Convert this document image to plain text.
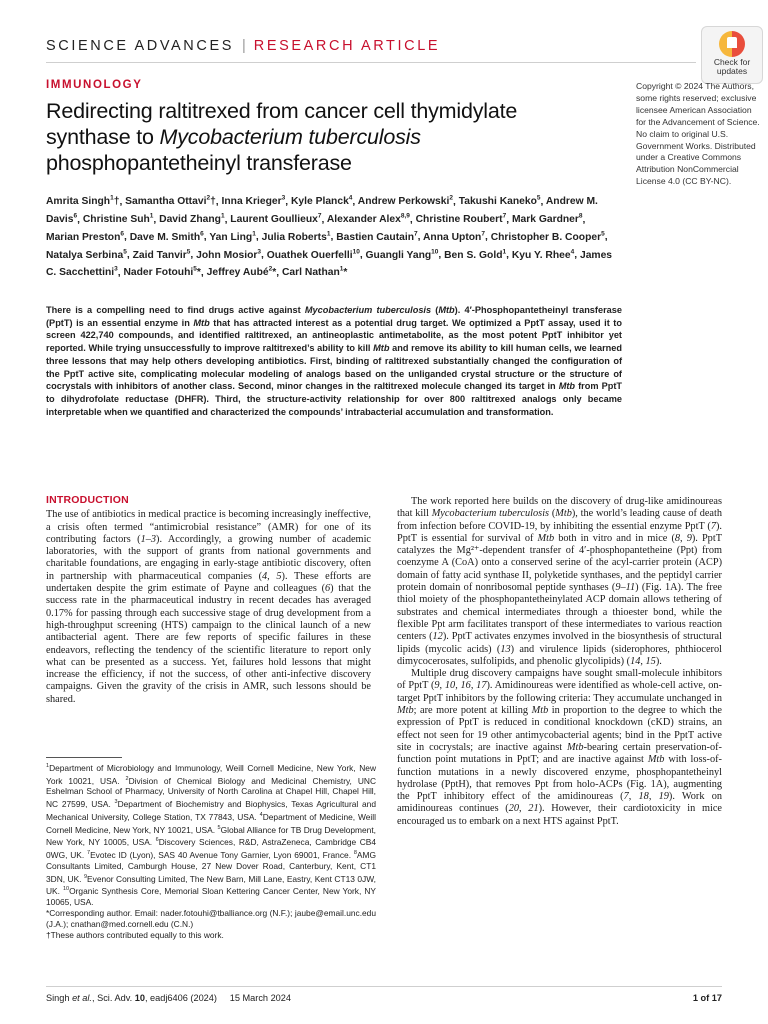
SCIENCE ADVANCES | RESEARCH ARTICLE
Check for
updates
IMMUNOLOGY
Redirecting raltitrexed from cancer cell thymidylate synthase to Mycobacterium tuberculosis phosphopantetheinyl transferase
Copyright © 2024 The Authors, some rights reserved; exclusive licensee American Association for the Advancement of Science. No claim to original U.S. Government Works. Distributed under a Creative Commons Attribution NonCommercial License 4.0 (CC BY-NC).
Amrita Singh$^1$†, Samantha Ottavi$^2$†, Inna Krieger$^3$, Kyle Planck$^4$, Andrew Perkowski$^2$, Takushi Kaneko$^5$, Andrew M. Davis$^6$, Christine Suh$^1$, David Zhang$^1$, Laurent Goullieux$^7$, Alexander Alex$^{8,9}$, Christine Roubert$^7$, Mark Gardner$^8$, Marian Preston$^6$, Dave M. Smith$^6$, Yan Ling$^1$, Julia Roberts$^1$, Bastien Cautain$^7$, Anna Upton$^7$, Christopher B. Cooper$^5$, Natalya Serbina$^5$, Zaid Tanvir$^5$, John Mosior$^3$, Ouathek Ouerfelli$^{10}$, Guangli Yang$^{10}$, Ben S. Gold$^1$, Kyu Y. Rhee$^4$, James C. Sacchettini$^3$, Nader Fotouhi$^5$*, Jeffrey Aubé$^2$*, Carl Nathan$^1$*
There is a compelling need to find drugs active against Mycobacterium tuberculosis (Mtb). 4′-Phosphopantetheinyl transferase (PptT) is an essential enzyme in Mtb that has attracted interest as a potential drug target. We optimized a PptT assay, used it to screen 422,740 compounds, and identified raltitrexed, an antineoplastic antimetabolite, as the most potent PptT inhibitor yet reported. While trying unsuccessfully to improve raltitrexed’s ability to kill Mtb and remove its ability to kill human cells, we learned three lessons that may help others developing antibiotics. First, binding of raltitrexed substantially changed the configuration of the PptT active site, complicating molecular modeling of analogs based on the unliganded crystal structure or the structure of cocrystals with inhibitors of another class. Second, minor changes in the raltitrexed molecule changed its target in Mtb from PptT to dihydrofolate reductase (DHFR). Third, the structure-activity relationship for over 800 raltitrexed analogs only became interpretable when we quantified and characterized the compounds’ intrabacterial accumulation and transformation.
INTRODUCTION

The use of antibiotics in medical practice is becoming increasingly ineffective, a crisis often termed “antimicrobial resistance” (AMR) for one of its contributing factors (1–3). Accordingly, a growing number of academic laboratories, with the support of grants from national governments and charitable foundations, are engaging in early-stage antibiotic discovery, often in partnership with pharmaceutical companies (4, 5). These efforts are undertaken despite the grim estimate of Payne and colleagues (6) that the success rate in the pharmaceutical industry in recent decades has averaged 0.17% for passing through each successive stage of drug development from a high-throughput screening (HTS) campaign to the clinical launch of a new antibacterial agent. There are few reports of specific failures in these endeavors, reflecting the tendency of the scientific literature to report only what can be presented as a success. Yet, failures hold lessons that might increase the efficiency, if not the success, of other anti-infective discovery campaigns. Given the gravity of the crisis in AMR, such lessons should be shared.

The work reported here builds on the discovery of drug-like amidinoureas that kill Mycobacterium tuberculosis (Mtb), the world’s leading cause of death from infection before COVID-19, by inhibiting the essential enzyme PptT (7). PptT is essential for survival of Mtb both in vitro and in mice (8, 9). PptT catalyzes the Mg²⁺-dependent transfer of 4′-phosphopantetheine (Ppt) from coenzyme A (CoA) onto a conserved serine of the acyl-carrier protein (ACP) domain of fatty acid synthase II, polyketide synthases, and the peptidyl carrier protein domain of nonribosomal peptide synthases (9–11) (Fig. 1A). The free thiol moiety of the phosphopantetheinylated ACP domain allows tethering of substrates and chemical intermediates through a thioester bond, while the flexible Ppt arm facilitates transport of these intermediates to various reaction centers (12). PptT activates enzymes involved in the biosynthesis of structural lipids (mycolic acids) (13) and virulence lipids (siderophores, phthiocerol dimycocerosates, sulfolipids, and phenolic glycolipids) (14, 15).

Multiple drug discovery campaigns have sought small-molecule inhibitors of PptT (9, 10, 16, 17). Amidinoureas were identified as whole-cell active, on-target PptT inhibitors by the following criteria: They accumulate unchanged in Mtb; are more potent at killing Mtb in proportion to the degree to which the expression of PptT is reduced in conditional knockdown (cKD) strains, an effect not seen for 19 other antimycobacterial agents; bind in the PptT active site in cocrystals; are inactive against Mtb-bearing certain preservation-of-function point mutations in PptT; and are inactive against Mtb with loss-of-function mutations in a newly discovered enzyme, phosphopantetheinyl hydrolase (PptH), that removes Ppt from holo-ACPs (Fig. 1A), augmenting the PptT inhibitory effect of the amidinoureas (7, 18, 19). Work on amidinoureas continues (20, 21). However, their cardiotoxicity in mice encouraged us to embark on a next HTS against PptT.

$^1$Department of Microbiology and Immunology, Weill Cornell Medicine, New York, New York 10021, USA. $^2$Division of Chemical Biology and Medicinal Chemistry, UNC Eshelman School of Pharmacy, University of North Carolina at Chapel Hill, Chapel Hill, NC 27599, USA. $^3$Department of Biochemistry and Biophysics, Texas Agricultural and Mechanical University, College Station, TX 77843, USA. $^4$Department of Medicine, Weill Cornell Medicine, New York, NY 10021, USA. $^5$Global Alliance for TB Drug Development, New York, NY 10005, USA. $^6$Discovery Sciences, R&D, AstraZeneca, Cambridge CB4 0WG, UK. $^7$Evotec ID (Lyon), SAS 40 Avenue Tony Garnier, Lyon 69001, France. $^8$AMG Consultants Limited, Camburgh House, 27 New Dover Road, Canterbury, Kent, CT1 3DN, UK. $^9$Evenor Consulting Limited, The New Barn, Mill Lane, Eastry, Kent CT13 0JW, UK. $^{10}$Organic Synthesis Core, Memorial Sloan Kettering Cancer Center, New York, NY 10065, USA.

*Corresponding author. Email: nader.fotouhi@tballiance.org (N.F.); jaube@email.unc.edu (J.A.); cnathan@med.cornell.edu (C.N.)

†These authors contributed equally to this work.

Singh et al., Sci. Adv. 10, eadj6406 (2024)     15 March 2024	1 of 17
